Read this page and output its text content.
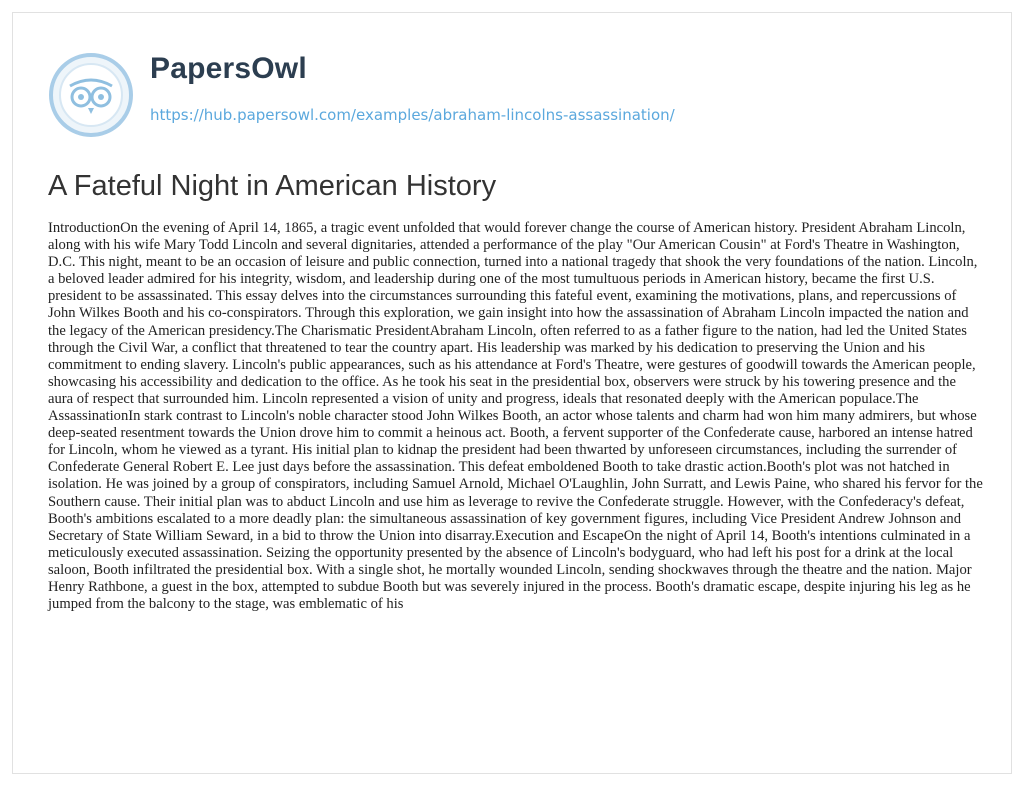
PapersOwl
https://hub.papersowl.com/examples/abraham-lincolns-assassination/
A Fateful Night in American History

IntroductionOn the evening of April 14, 1865, a tragic event unfolded that would forever change the course of American history. President Abraham Lincoln, along with his wife Mary Todd Lincoln and several dignitaries, attended a performance of the play "Our American Cousin" at Ford's Theatre in Washington, D.C. This night, meant to be an occasion of leisure and public connection, turned into a national tragedy that shook the very foundations of the nation. Lincoln, a beloved leader admired for his integrity, wisdom, and leadership during one of the most tumultuous periods in American history, became the first U.S. president to be assassinated. This essay delves into the circumstances surrounding this fateful event, examining the motivations, plans, and repercussions of John Wilkes Booth and his co-conspirators. Through this exploration, we gain insight into how the assassination of Abraham Lincoln impacted the nation and the legacy of the American presidency.The Charismatic PresidentAbraham Lincoln, often referred to as a father figure to the nation, had led the United States through the Civil War, a conflict that threatened to tear the country apart. His leadership was marked by his dedication to preserving the Union and his commitment to ending slavery. Lincoln's public appearances, such as his attendance at Ford's Theatre, were gestures of goodwill towards the American people, showcasing his accessibility and dedication to the office. As he took his seat in the presidential box, observers were struck by his towering presence and the aura of respect that surrounded him. Lincoln represented a vision of unity and progress, ideals that resonated deeply with the American populace.The AssassinationIn stark contrast to Lincoln's noble character stood John Wilkes Booth, an actor whose talents and charm had won him many admirers, but whose deep-seated resentment towards the Union drove him to commit a heinous act. Booth, a fervent supporter of the Confederate cause, harbored an intense hatred for Lincoln, whom he viewed as a tyrant. His initial plan to kidnap the president had been thwarted by unforeseen circumstances, including the surrender of Confederate General Robert E. Lee just days before the assassination. This defeat emboldened Booth to take drastic action.Booth's plot was not hatched in isolation. He was joined by a group of conspirators, including Samuel Arnold, Michael O'Laughlin, John Surratt, and Lewis Paine, who shared his fervor for the Southern cause. Their initial plan was to abduct Lincoln and use him as leverage to revive the Confederate struggle. However, with the Confederacy's defeat, Booth's ambitions escalated to a more deadly plan: the simultaneous assassination of key government figures, including Vice President Andrew Johnson and Secretary of State William Seward, in a bid to throw the Union into disarray.Execution and EscapeOn the night of April 14, Booth's intentions culminated in a meticulously executed assassination. Seizing the opportunity presented by the absence of Lincoln's bodyguard, who had left his post for a drink at the local saloon, Booth infiltrated the presidential box. With a single shot, he mortally wounded Lincoln, sending shockwaves through the theatre and the nation. Major Henry Rathbone, a guest in the box, attempted to subdue Booth but was severely injured in the process. Booth's dramatic escape, despite injuring his leg as he jumped from the balcony to the stage, was emblematic of his
